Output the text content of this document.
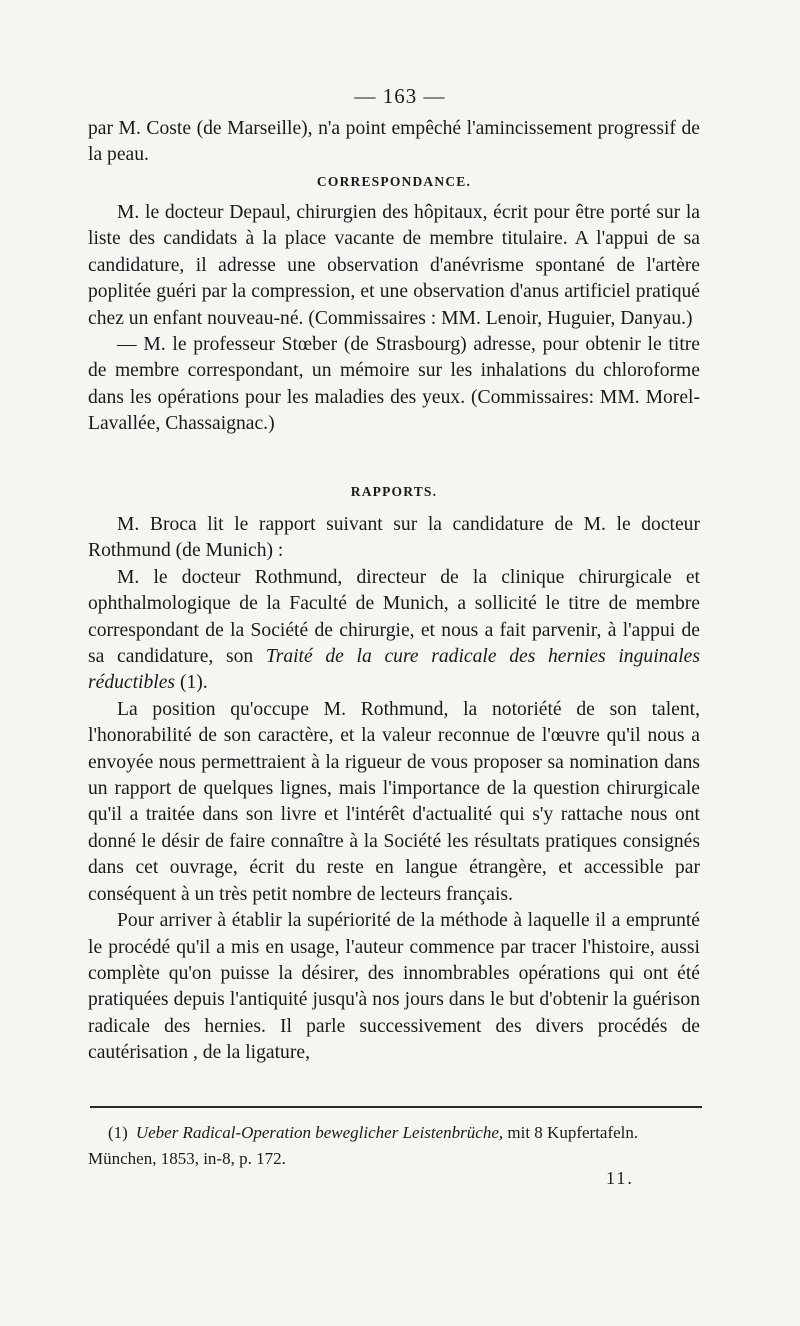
— 163 —

par M. Coste (de Marseille), n'a point empêché l'amincissement progressif de la peau.

CORRESPONDANCE.

M. le docteur Depaul, chirurgien des hôpitaux, écrit pour être porté sur la liste des candidats à la place vacante de membre titulaire. A l'appui de sa candidature, il adresse une observation d'anévrisme spontané de l'artère poplitée guéri par la compression, et une observation d'anus artificiel pratiqué chez un enfant nouveau-né. (Commissaires : MM. Lenoir, Huguier, Danyau.)

— M. le professeur Stœber (de Strasbourg) adresse, pour obtenir le titre de membre correspondant, un mémoire sur les inhalations du chloroforme dans les opérations pour les maladies des yeux. (Commissaires: MM. Morel-Lavallée, Chassaignac.)

RAPPORTS.

M. Broca lit le rapport suivant sur la candidature de M. le docteur Rothmund (de Munich) :

M. le docteur Rothmund, directeur de la clinique chirurgicale et ophthalmologique de la Faculté de Munich, a sollicité le titre de membre correspondant de la Société de chirurgie, et nous a fait parvenir, à l'appui de sa candidature, son Traité de la cure radicale des hernies inguinales réductibles (1).

La position qu'occupe M. Rothmund, la notoriété de son talent, l'honorabilité de son caractère, et la valeur reconnue de l'œuvre qu'il nous a envoyée nous permettraient à la rigueur de vous proposer sa nomination dans un rapport de quelques lignes, mais l'importance de la question chirurgicale qu'il a traitée dans son livre et l'intérêt d'actualité qui s'y rattache nous ont donné le désir de faire connaître à la Société les résultats pratiques consignés dans cet ouvrage, écrit du reste en langue étrangère, et accessible par conséquent à un très petit nombre de lecteurs français.

Pour arriver à établir la supériorité de la méthode à laquelle il a emprunté le procédé qu'il a mis en usage, l'auteur commence par tracer l'histoire, aussi complète qu'on puisse la désirer, des innombrables opérations qui ont été pratiquées depuis l'antiquité jusqu'à nos jours dans le but d'obtenir la guérison radicale des hernies. Il parle successivement des divers procédés de cautérisation , de la ligature,

(1) Ueber Radical-Operation beweglicher Leistenbrüche, mit 8 Kupfertafeln. München, 1853, in-8, p. 172.
11.
